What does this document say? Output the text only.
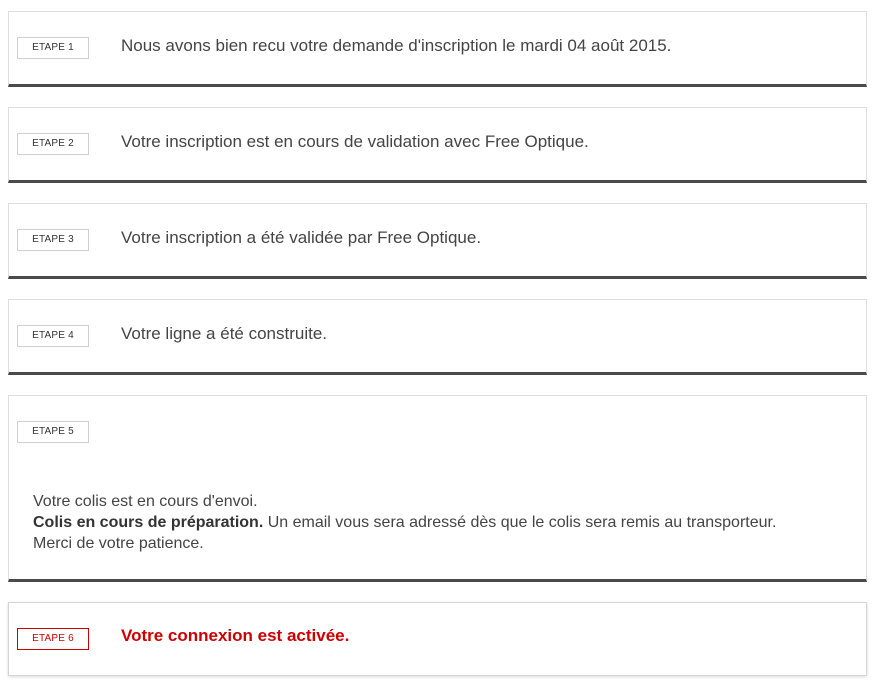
ETAPE 1	Nous avons bien recu votre demande d'inscription le mardi 04 août 2015.
ETAPE 2	Votre inscription est en cours de validation avec Free Optique.
ETAPE 3	Votre inscription a été validée par Free Optique.
ETAPE 4	Votre ligne a été construite.
ETAPE 5
Votre colis est en cours d'envoi.
Colis en cours de préparation. Un email vous sera adressé dès que le colis sera remis au transporteur. Merci de votre patience.
ETAPE 6	Votre connexion est activée.
